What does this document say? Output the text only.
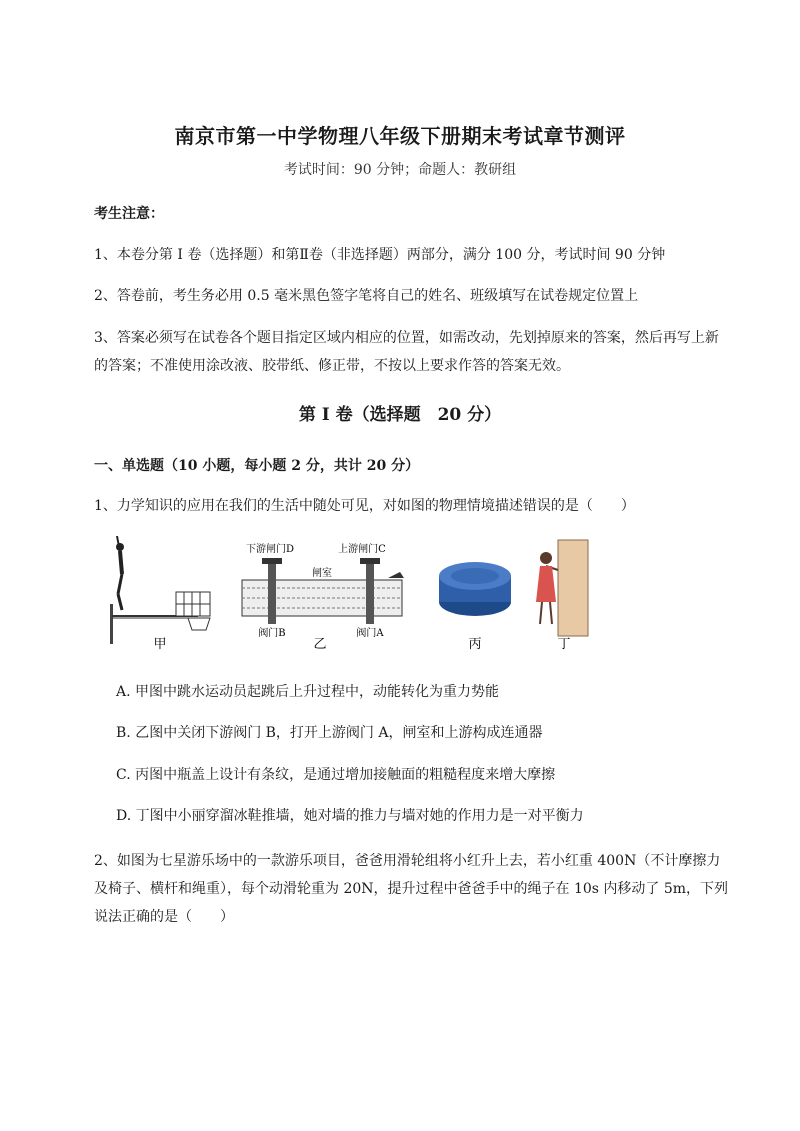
南京市第一中学物理八年级下册期末考试章节测评
考试时间：90 分钟；命题人：教研组
考生注意：
1、本卷分第 I 卷（选择题）和第Ⅱ卷（非选择题）两部分，满分 100 分，考试时间 90 分钟
2、答卷前，考生务必用 0.5 毫米黑色签字笔将自己的姓名、班级填写在试卷规定位置上
3、答案必须写在试卷各个题目指定区域内相应的位置，如需改动，先划掉原来的答案，然后再写上新
的答案；不准使用涂改液、胶带纸、修正带，不按以上要求作答的答案无效。
第 I 卷（选择题　20 分）
一、单选题（10 小题，每小题 2 分，共计 20 分）
1、力学知识的应用在我们的生活中随处可见，对如图的物理情境描述错误的是（　　）
甲
下游闸门D	上游闸门C
闸室
阀门B	阀门A
乙	丙	丁
A. 甲图中跳水运动员起跳后上升过程中，动能转化为重力势能
B. 乙图中关闭下游阀门 B，打开上游阀门 A，闸室和上游构成连通器
C. 丙图中瓶盖上设计有条纹，是通过增加接触面的粗糙程度来增大摩擦
D. 丁图中小丽穿溜冰鞋推墙，她对墙的推力与墙对她的作用力是一对平衡力
2、如图为七星游乐场中的一款游乐项目，爸爸用滑轮组将小红升上去，若小红重 400N（不计摩擦力
及椅子、横杆和绳重），每个动滑轮重为 20N，提升过程中爸爸手中的绳子在 10s 内移动了 5m，下列
说法正确的是（　　）
